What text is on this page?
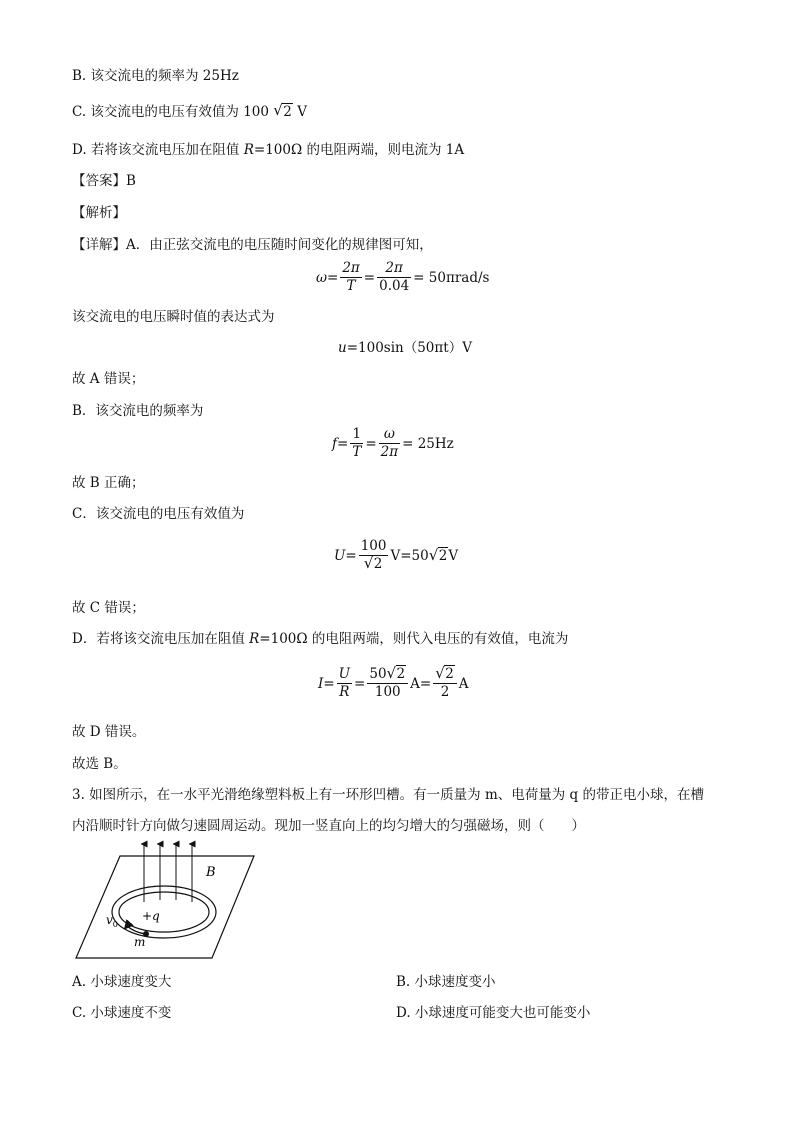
B. 该交流电的频率为 25Hz
C. 该交流电的电压有效值为 100 √ 2 V
D. 若将该交流电压加在阻值 R=100Ω 的电阻两端，则电流为 1A
【答案】B
【解析】
【详解】A．由正弦交流电的电压随时间变化的规律图可知，
$\omega = \frac{2\pi}{T} = \frac{2\pi}{0.04} = 50\pi rad/s$
该交流电的电压瞬时值的表达式为
u=100sin（50πt）V
故 A 错误；
B．该交流电的频率为
$f = \frac{1}{T} = \frac{\omega}{2\pi} = 25Hz$
故 B 正确；
C．该交流电的电压有效值为
$U = \frac{100}{√ 2} V=50$ √ 2 V
故 C 错误；
D．若将该交流电压加在阻值 R=100Ω 的电阻两端，则代入电压的有效值，电流为
$I = \frac{U}{R} = \frac{50 √ 2}{100} A= \frac{√ 2}{2}$ A
故 D 错误。
故选 B。
3. 如图所示，在一水平光滑绝缘塑料板上有一环形凹槽。有一质量为 m、电荷量为 q 的带正电小球，在槽
内沿顺时针方向做匀速圆周运动。现加一竖直向上的均匀增大的匀强磁场，则（　　）
B
+q
$v_0$
m
A. 小球速度变大	B. 小球速度变小
C. 小球速度不变	D. 小球速度可能变大也可能变小
